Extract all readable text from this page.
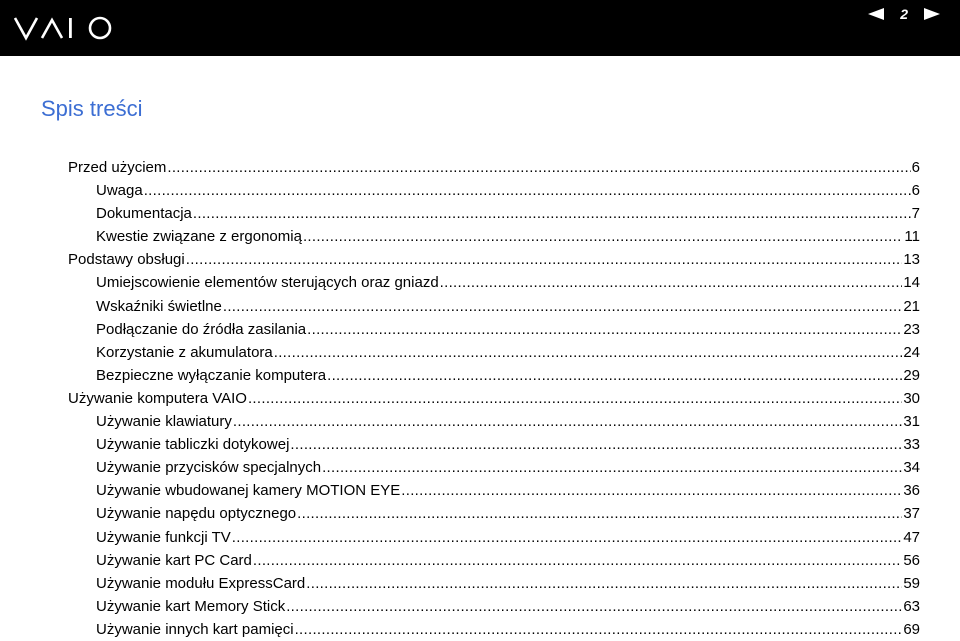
2
Spis treści
Przed użyciem .....	6
Uwaga .....	6
Dokumentacja .....	7
Kwestie związane z ergonomią .....	11
Podstawy obsługi .....	13
Umiejscowienie elementów sterujących oraz gniazd .....	14
Wskaźniki świetlne .....	21
Podłączanie do źródła zasilania .....	23
Korzystanie z akumulatora .....	24
Bezpieczne wyłączanie komputera .....	29
Używanie komputera VAIO .....	30
Używanie klawiatury .....	31
Używanie tabliczki dotykowej .....	33
Używanie przycisków specjalnych .....	34
Używanie wbudowanej kamery MOTION EYE .....	36
Używanie napędu optycznego .....	37
Używanie funkcji TV .....	47
Używanie kart PC Card .....	56
Używanie modułu ExpressCard .....	59
Używanie kart Memory Stick .....	63
Używanie innych kart pamięci .....	69
